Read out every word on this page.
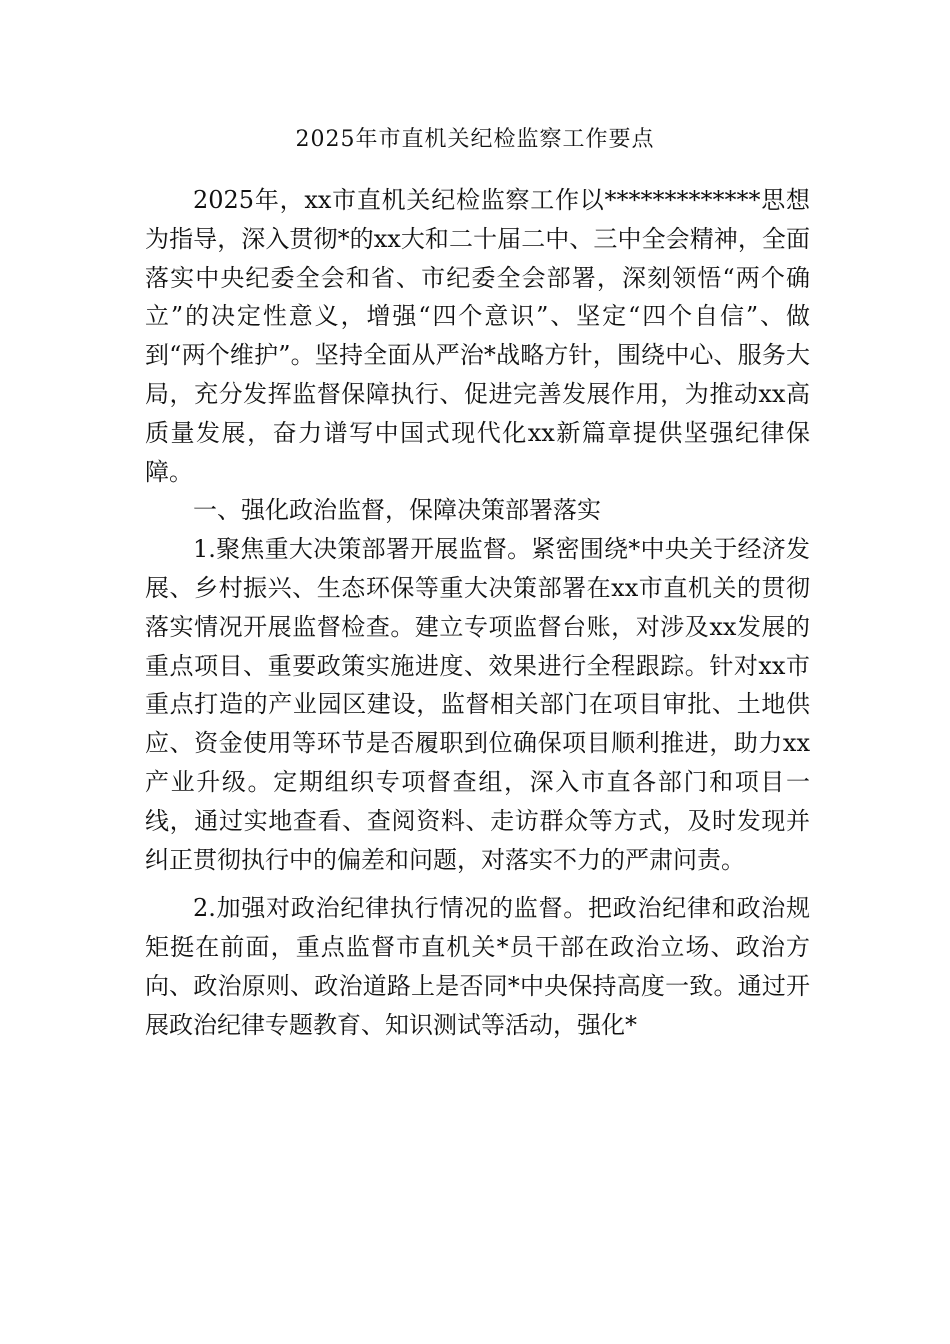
2025年市直机关纪检监察工作要点

2025年，xx市直机关纪检监察工作以*************思想为指导，深入贯彻*的xx大和二十届二中、三中全会精神，全面落实中央纪委全会和省、市纪委全会部署，深刻领悟“两个确立”的决定性意义，增强“四个意识”、坚定“四个自信”、做到“两个维护”。坚持全面从严治*战略方针，围绕中心、服务大局，充分发挥监督保障执行、促进完善发展作用，为推动xx高质量发展，奋力谱写中国式现代化xx新篇章提供坚强纪律保障。

一、强化政治监督，保障决策部署落实

1.聚焦重大决策部署开展监督。紧密围绕*中央关于经济发展、乡村振兴、生态环保等重大决策部署在xx市直机关的贯彻落实情况开展监督检查。建立专项监督台账，对涉及xx发展的重点项目、重要政策实施进度、效果进行全程跟踪。针对xx市重点打造的产业园区建设，监督相关部门在项目审批、土地供应、资金使用等环节是否履职到位确保项目顺利推进，助力xx产业升级。定期组织专项督查组，深入市直各部门和项目一线，通过实地查看、查阅资料、走访群众等方式，及时发现并纠正贯彻执行中的偏差和问题，对落实不力的严肃问责。

2.加强对政治纪律执行情况的监督。把政治纪律和政治规矩挺在前面，重点监督市直机关*员干部在政治立场、政治方向、政治原则、政治道路上是否同*中央保持高度一致。通过开展政治纪律专题教育、知识测试等活动，强化*
